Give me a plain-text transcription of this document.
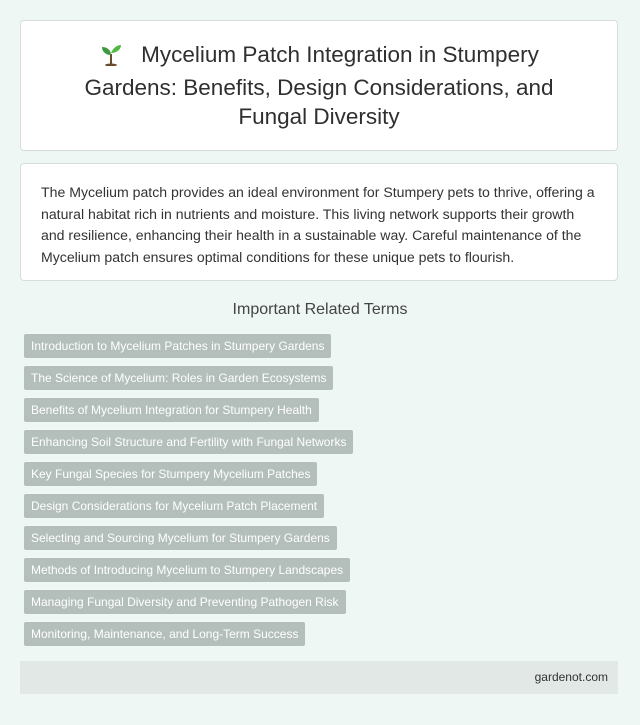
Mycelium Patch Integration in Stumpery Gardens: Benefits, Design Considerations, and Fungal Diversity

The Mycelium patch provides an ideal environment for Stumpery pets to thrive, offering a natural habitat rich in nutrients and moisture. This living network supports their growth and resilience, enhancing their health in a sustainable way. Careful maintenance of the Mycelium patch ensures optimal conditions for these unique pets to flourish.

Important Related Terms
Introduction to Mycelium Patches in Stumpery Gardens
The Science of Mycelium: Roles in Garden Ecosystems
Benefits of Mycelium Integration for Stumpery Health
Enhancing Soil Structure and Fertility with Fungal Networks
Key Fungal Species for Stumpery Mycelium Patches
Design Considerations for Mycelium Patch Placement
Selecting and Sourcing Mycelium for Stumpery Gardens
Methods of Introducing Mycelium to Stumpery Landscapes
Managing Fungal Diversity and Preventing Pathogen Risk
Monitoring, Maintenance, and Long-Term Success
gardenot.com
